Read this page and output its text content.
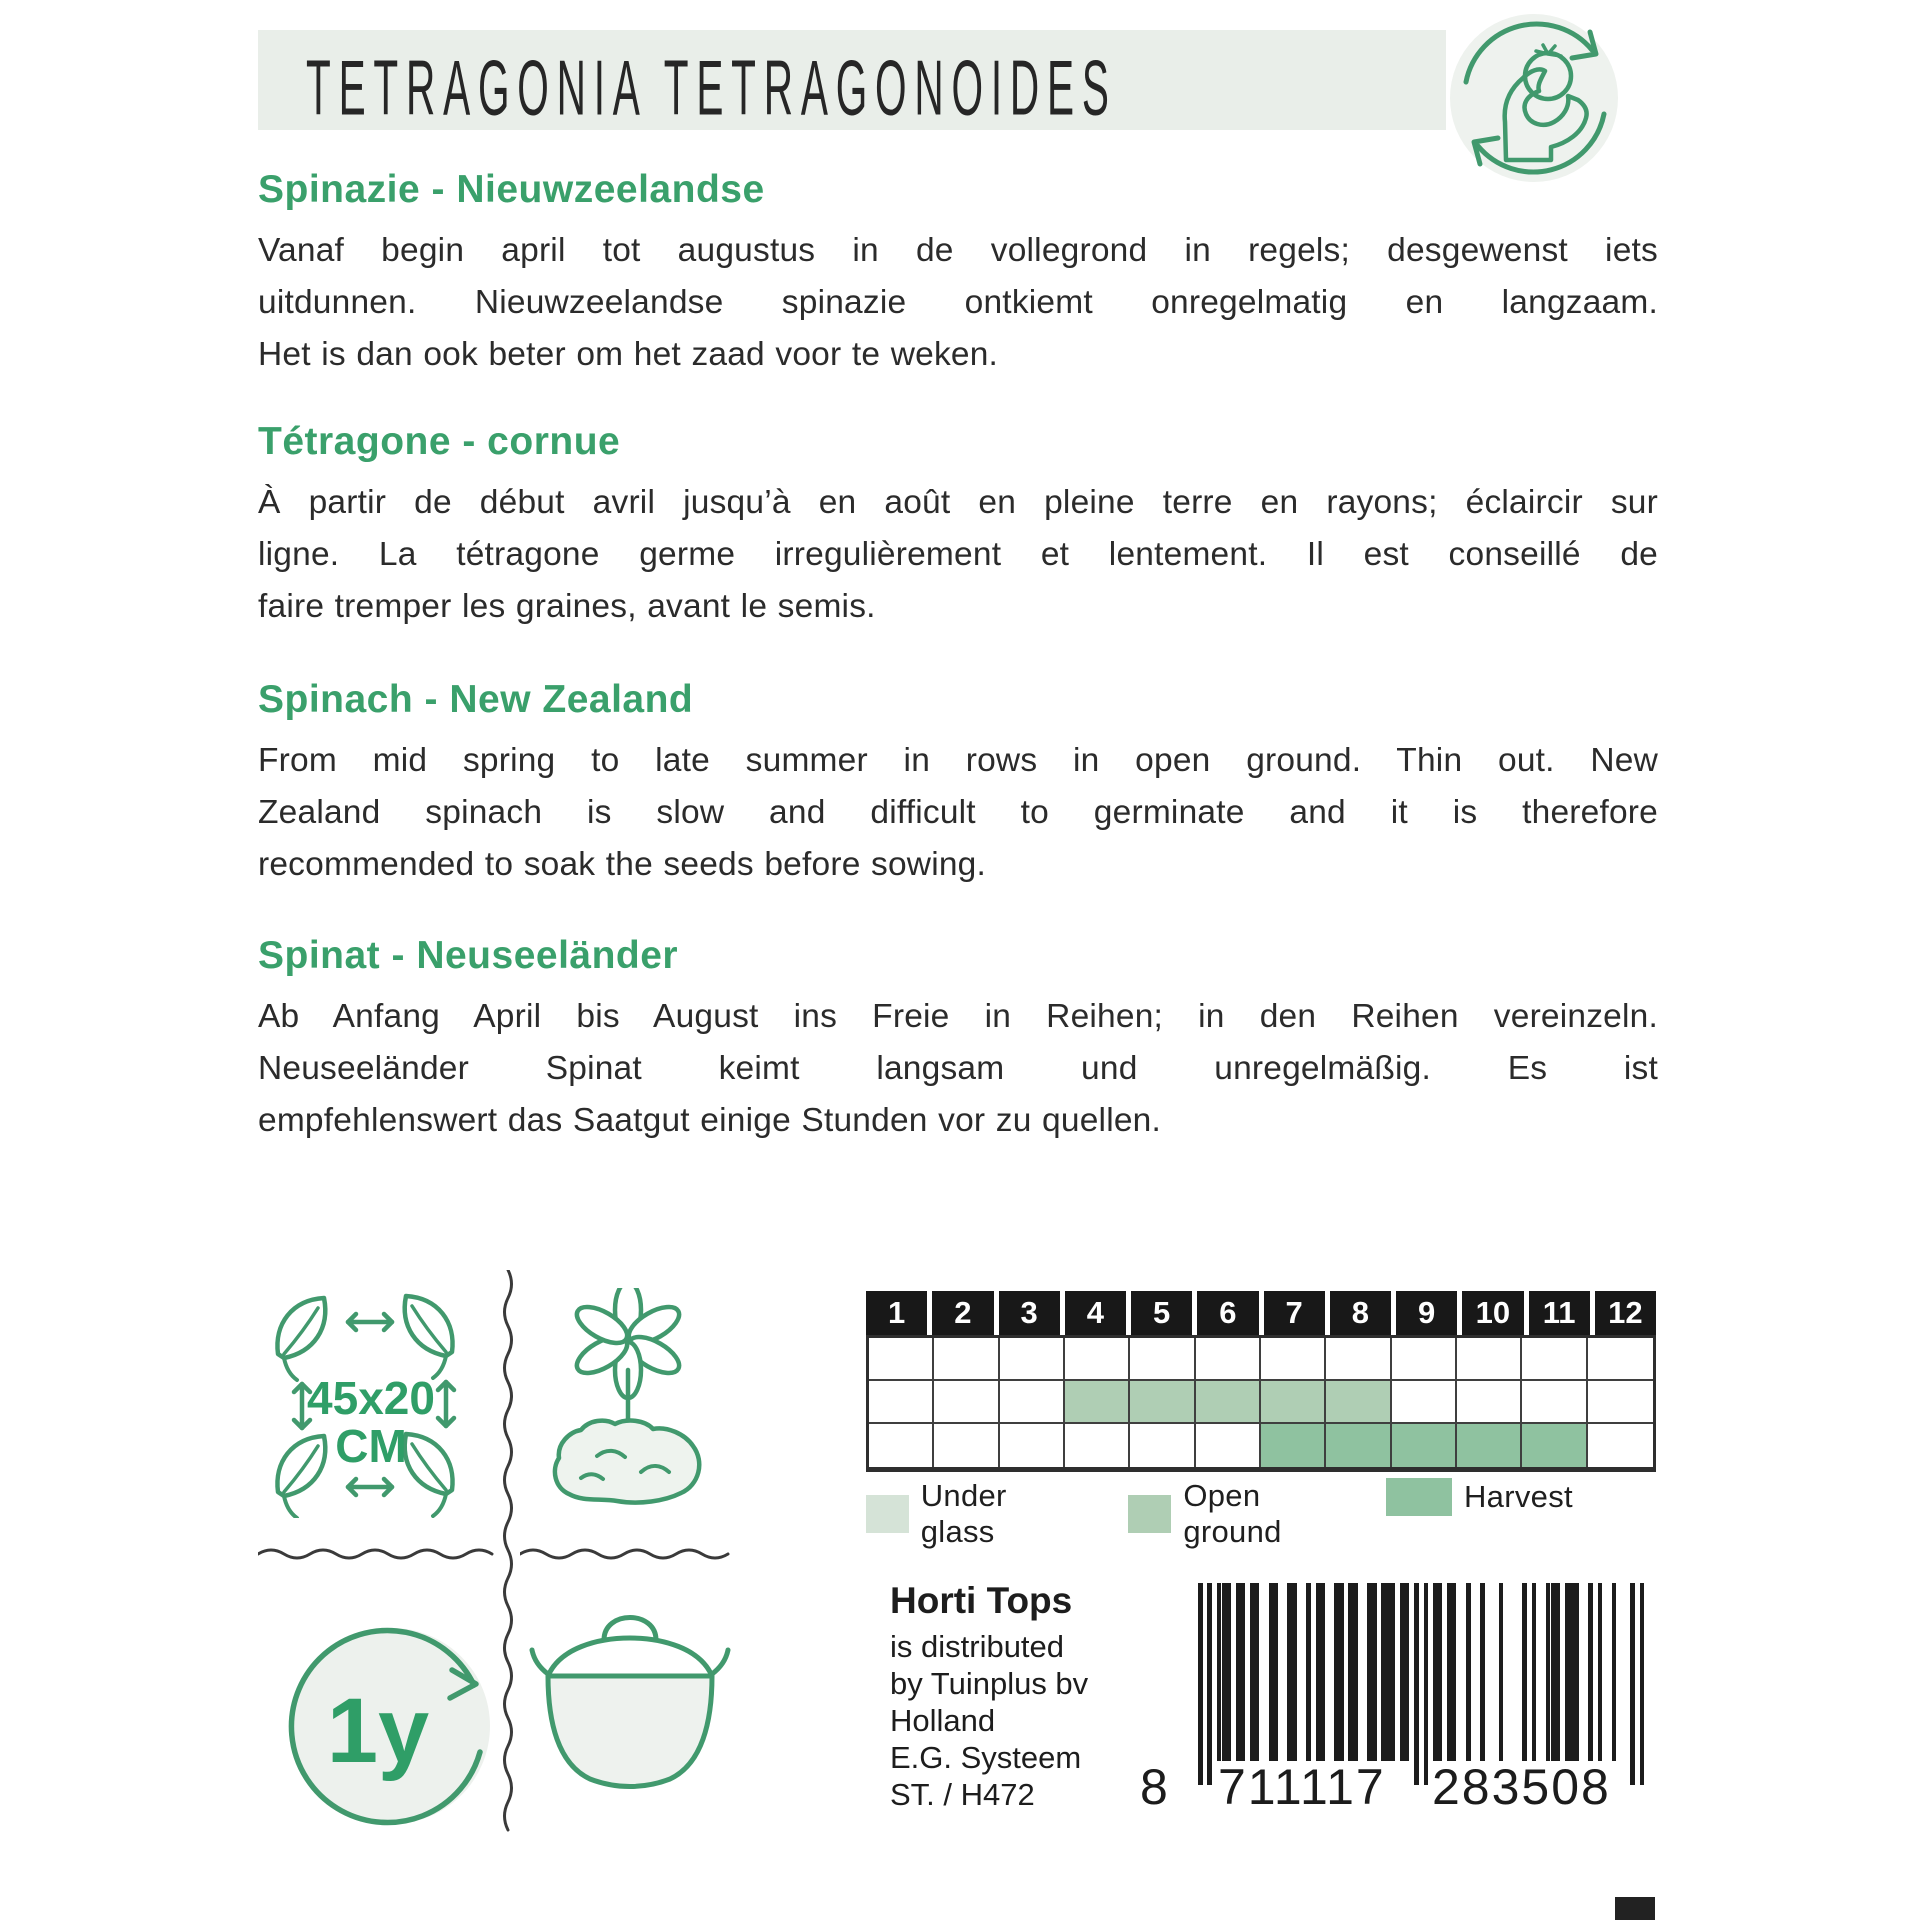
TETRAGONIA TETRAGONOIDES
Spinazie - Nieuwzeelandse
Vanaf begin april tot augustus in de vollegrond in regels; desgewenst iets
uitdunnen. Nieuwzeelandse spinazie ontkiemt onregelmatig en langzaam.
Het is dan ook beter om het zaad voor te weken.
Tétragone - cornue
À partir de début avril jusqu’à en août en pleine terre en rayons; éclaircir sur
ligne. La tétragone germe irregulièrement et lentement. Il est conseillé de
faire tremper les graines, avant le semis.
Spinach - New Zealand
From mid spring to late summer in rows in open ground. Thin out. New
Zealand spinach is slow and difficult to germinate and it is therefore
recommended to soak the seeds before sowing.
Spinat - Neuseeländer
Ab Anfang April bis August ins Freie in Reihen; in den Reihen vereinzeln.
Neuseeländer Spinat keimt langsam und unregelmäßig. Es ist
empfehlenswert das Saatgut einige Stunden vor zu quellen.
45x20
CM
1y
1	2	3	4	5	6	7	8	9	10	11	12
Under glass
Open ground
Harvest
Horti Tops
is distributed
by Tuinplus bv
Holland
E.G. Systeem
ST. / H472	8 711117 283508
